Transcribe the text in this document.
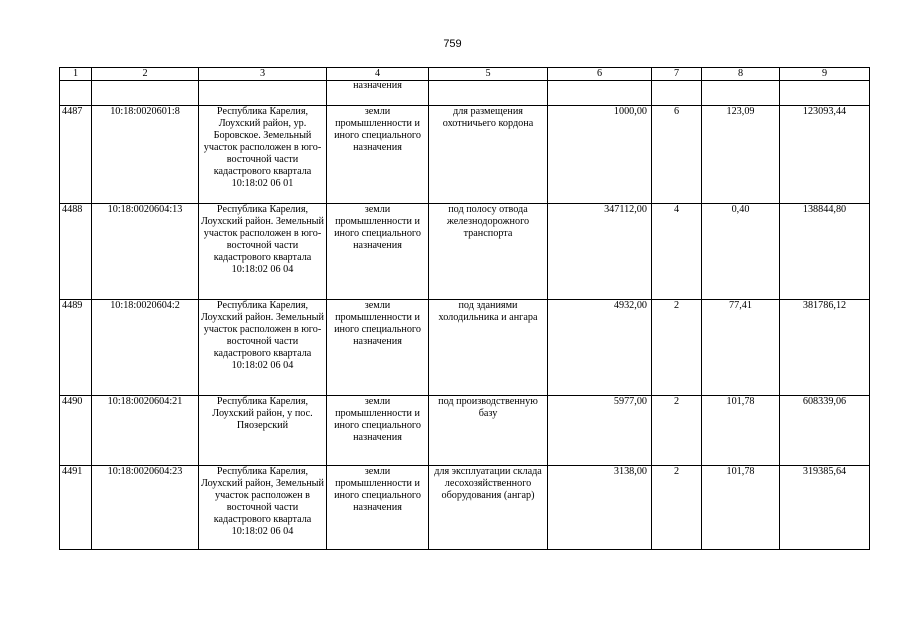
759
1	2	3	4	5	6	7	8	9
			назначения					
4487	10:18:0020601:8	Республика Карелия, Лоухский район, ур. Боровское. Земельный участок расположен в юго-восточной части кадастрового квартала 10:18:02 06 01	земли промышленности и иного специального назначения	для размещения охотничьего кордона	1000,00	6	123,09	123093,44
4488	10:18:0020604:13	Республика Карелия, Лоухский район. Земельный участок расположен в юго-восточной части кадастрового квартала 10:18:02 06 04	земли промышленности и иного специального назначения	под полосу отвода железнодорожного транспорта	347112,00	4	0,40	138844,80
4489	10:18:0020604:2	Республика Карелия, Лоухский район. Земельный участок расположен в юго-восточной части кадастрового квартала 10:18:02 06 04	земли промышленности и иного специального назначения	под зданиями холодильника и ангара	4932,00	2	77,41	381786,12
4490	10:18:0020604:21	Республика Карелия, Лоухский район, у пос. Пяозерский	земли промышленности и иного специального назначения	под производственную базу	5977,00	2	101,78	608339,06
4491	10:18:0020604:23	Республика Карелия, Лоухский район, Земельный участок расположен в восточной части кадастрового квартала 10:18:02 06 04	земли промышленности и иного специального назначения	для эксплуатации склада лесохозяйственного оборудования (ангар)	3138,00	2	101,78	319385,64
